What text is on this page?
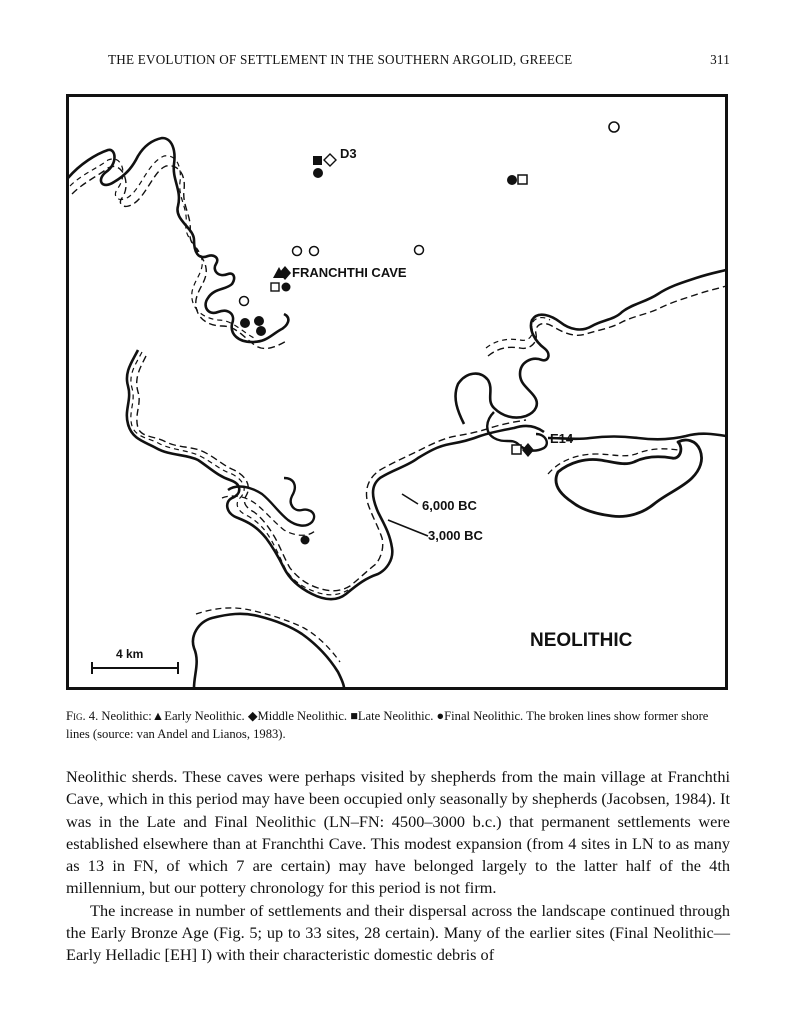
THE EVOLUTION OF SETTLEMENT IN THE SOUTHERN ARGOLID, GREECE	311
D3
FRANCHTHI CAVE
E14
6,000 BC
3,000 BC
NEOLITHIC
4 km
Fig. 4. Neolithic:▲Early Neolithic. ◆Middle Neolithic. ■Late Neolithic. ●Final Neolithic. The broken lines show former shore lines (source: van Andel and Lianos, 1983).

Neolithic sherds. These caves were perhaps visited by shepherds from the main village at Franchthi Cave, which in this period may have been occupied only seasonally by shepherds (Jacobsen, 1984). It was in the Late and Final Neolithic (LN–FN: 4500–3000 b.c.) that permanent settlements were established elsewhere than at Franchthi Cave. This modest expansion (from 4 sites in LN to as many as 13 in FN, of which 7 are certain) may have belonged largely to the latter half of the 4th millennium, but our pottery chronology for this period is not firm.

The increase in number of settlements and their dispersal across the landscape continued through the Early Bronze Age (Fig. 5; up to 33 sites, 28 certain). Many of the earlier sites (Final Neolithic—Early Helladic [EH] I) with their characteristic domestic debris of
